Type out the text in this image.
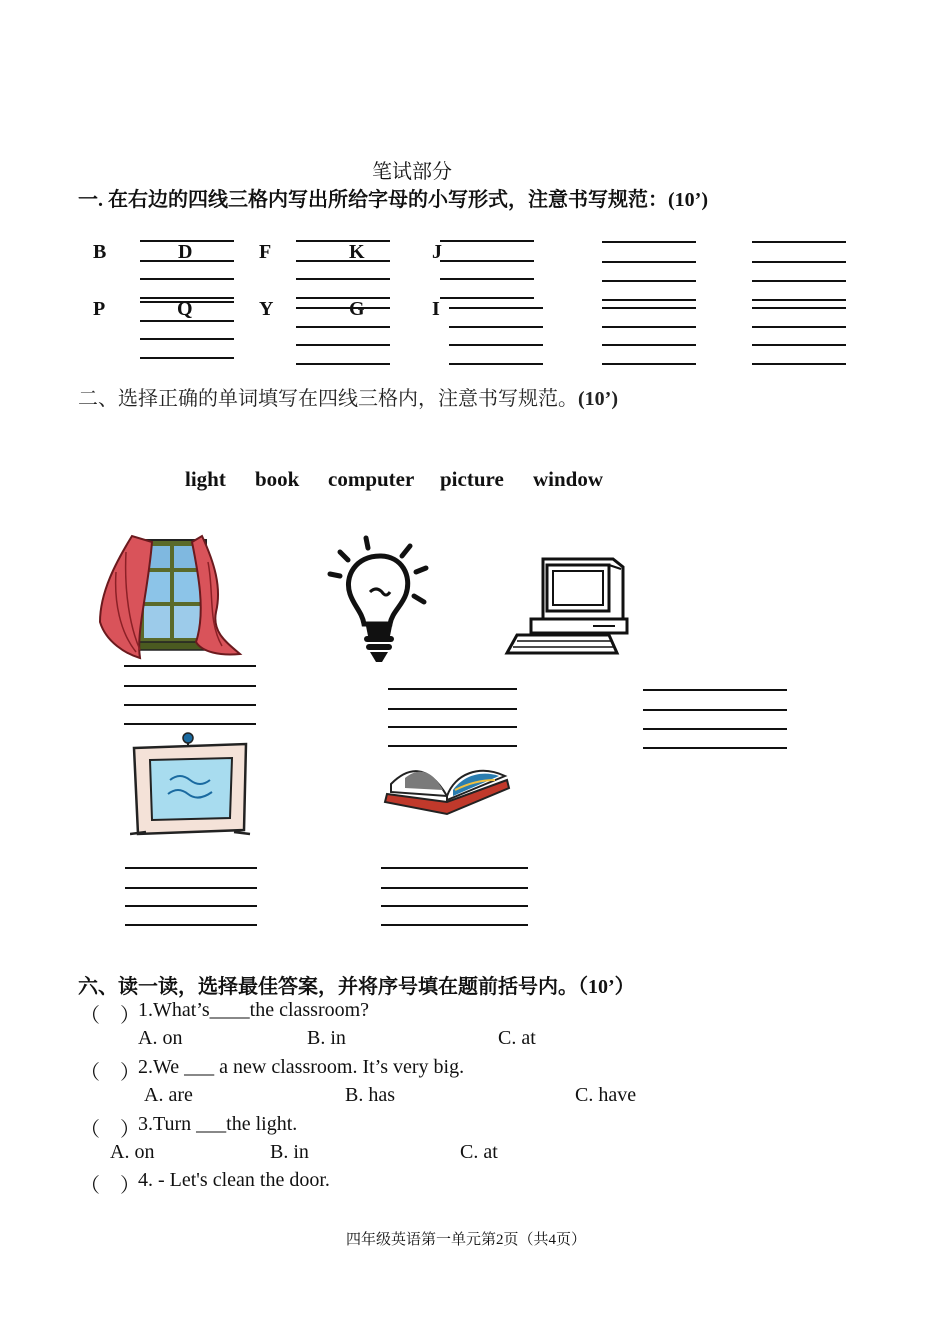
笔试部分
一. 在右边的四线三格内写出所给字母的小写形式，注意书写规范：(10’)
B	D	F	K	J
P	Q	Y	G	I
二、选择正确的单词填写在四线三格内，注意书写规范。(10’)
light book computer picture window
六、读一读，选择最佳答案，并将序号填在题前括号内。（10’）
（    ）
1.What’s____the classroom?
A. on	B. in	C. at
（    ）
2.We ___ a new classroom. It’s very big.
A. are	B. has	C. have
（    ）
3.Turn ___the light.
A. on	B. in	C. at
（    ）
4. - Let's clean the door.
四年级英语第一单元第2页（共4页）
